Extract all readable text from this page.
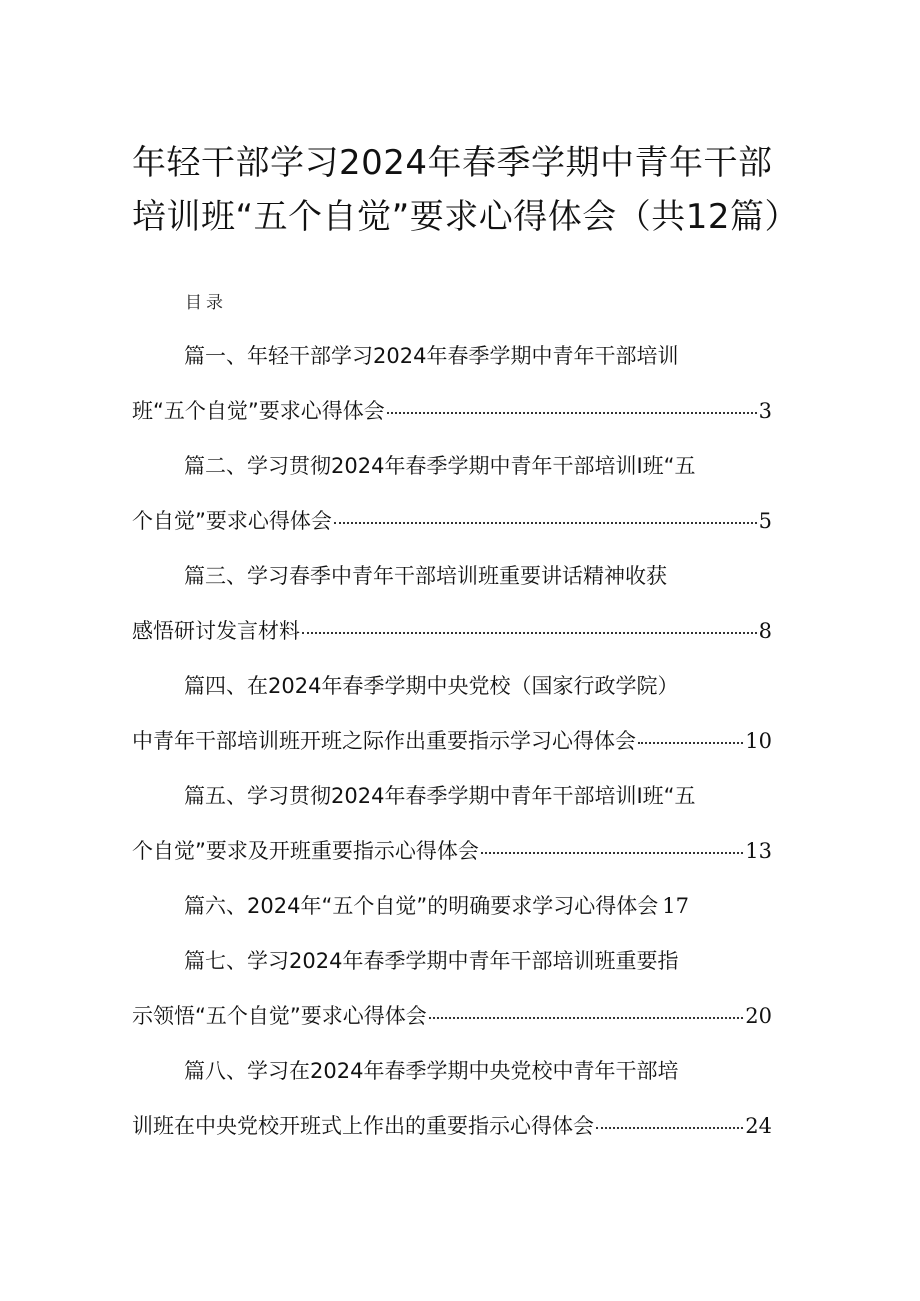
年轻干部学习2024年春季学期中青年干部
培训班“五个自觉”要求心得体会（共12篇）
目录
篇一、年轻干部学习2024年春季学期中青年干部培训
班“五个自觉”要求心得体会	3
篇二、学习贯彻2024年春季学期中青年干部培训I班“五
个自觉”要求心得体会	5
篇三、学习春季中青年干部培训班重要讲话精神收获
感悟研讨发言材料	8
篇四、在2024年春季学期中央党校（国家行政学院）
中青年干部培训班开班之际作出重要指示学习心得体会	10
篇五、学习贯彻2024年春季学期中青年干部培训I班“五
个自觉”要求及开班重要指示心得体会	13
篇六、2024年“五个自觉”的明确要求学习心得体会 17
篇七、学习2024年春季学期中青年干部培训班重要指
示领悟“五个自觉”要求心得体会	20
篇八、学习在2024年春季学期中央党校中青年干部培
训班在中央党校开班式上作出的重要指示心得体会	24
